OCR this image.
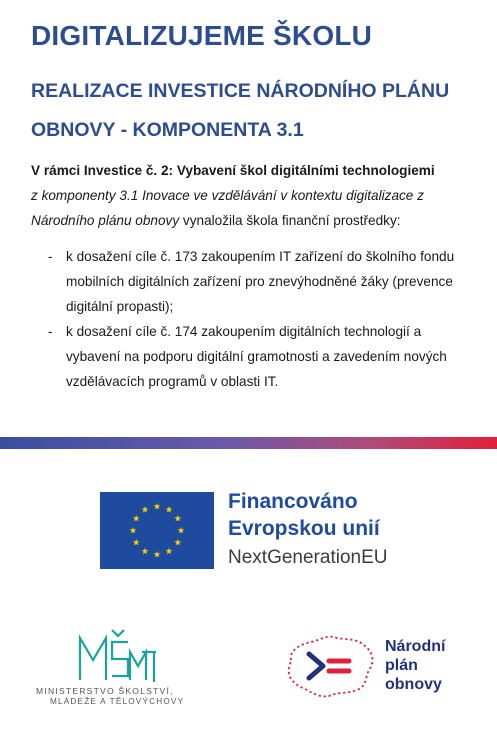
DIGITALIZUJEME ŠKOLU
REALIZACE INVESTICE NÁRODNÍHO PLÁNU OBNOVY - KOMPONENTA 3.1
V rámci Investice č. 2: Vybavení škol digitálními technologiemi
z komponenty 3.1 Inovace ve vzdělávání v kontextu digitalizace z Národního plánu obnovy vynaložila škola finanční prostředky:
- k dosažení cíle č. 173 zakoupením IT zařízení do školního fondu mobilních digitálních zařízení pro znevýhodněné žáky (prevence digitální propasti);
- k dosažení cíle č. 174 zakoupením digitálních technologií a vybavení na podporu digitální gramotnosti a zavedením nových vzdělávacích programů v oblasti IT.
Financováno
Evropskou unií
NextGenerationEU
MINISTERSTVO ŠKOLSTVÍ,
MLÁDEŽE A TĚLOVÝCHOVY
Národní
plán
obnovy
